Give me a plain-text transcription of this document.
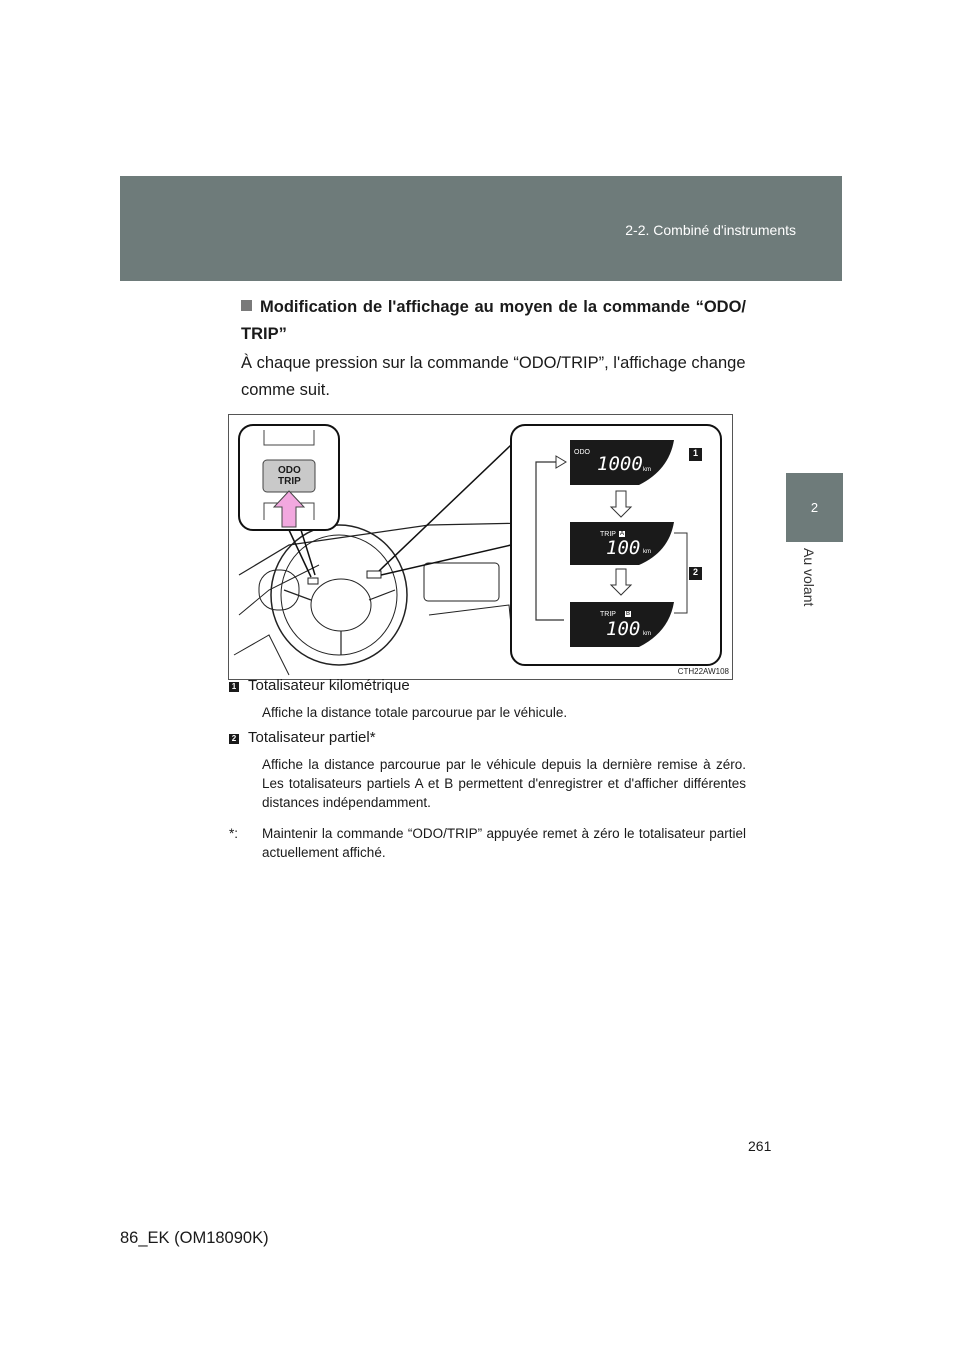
2-2. Combiné d'instruments
2
Au volant
Modification de l'affichage au moyen de la commande “ODO/ TRIP”
À chaque pression sur la commande “ODO/TRIP”, l'affichage change comme suit.
ODO
1000 km
TRIP A
100 km
TRIP B
100 km
ODO
TRIP
1
2
CTH22AW108
1 Totalisateur kilométrique
Affiche la distance totale parcourue par le véhicule.
2 Totalisateur partiel*
Affiche la distance parcourue par le véhicule depuis la dernière remise à zéro. Les totalisateurs partiels A et B permettent d'enregistrer et d'afficher différentes distances indépendamment.
*: Maintenir la commande “ODO/TRIP” appuyée remet à zéro le totalisateur partiel actuellement affiché.
261
86_EK (OM18090K)
